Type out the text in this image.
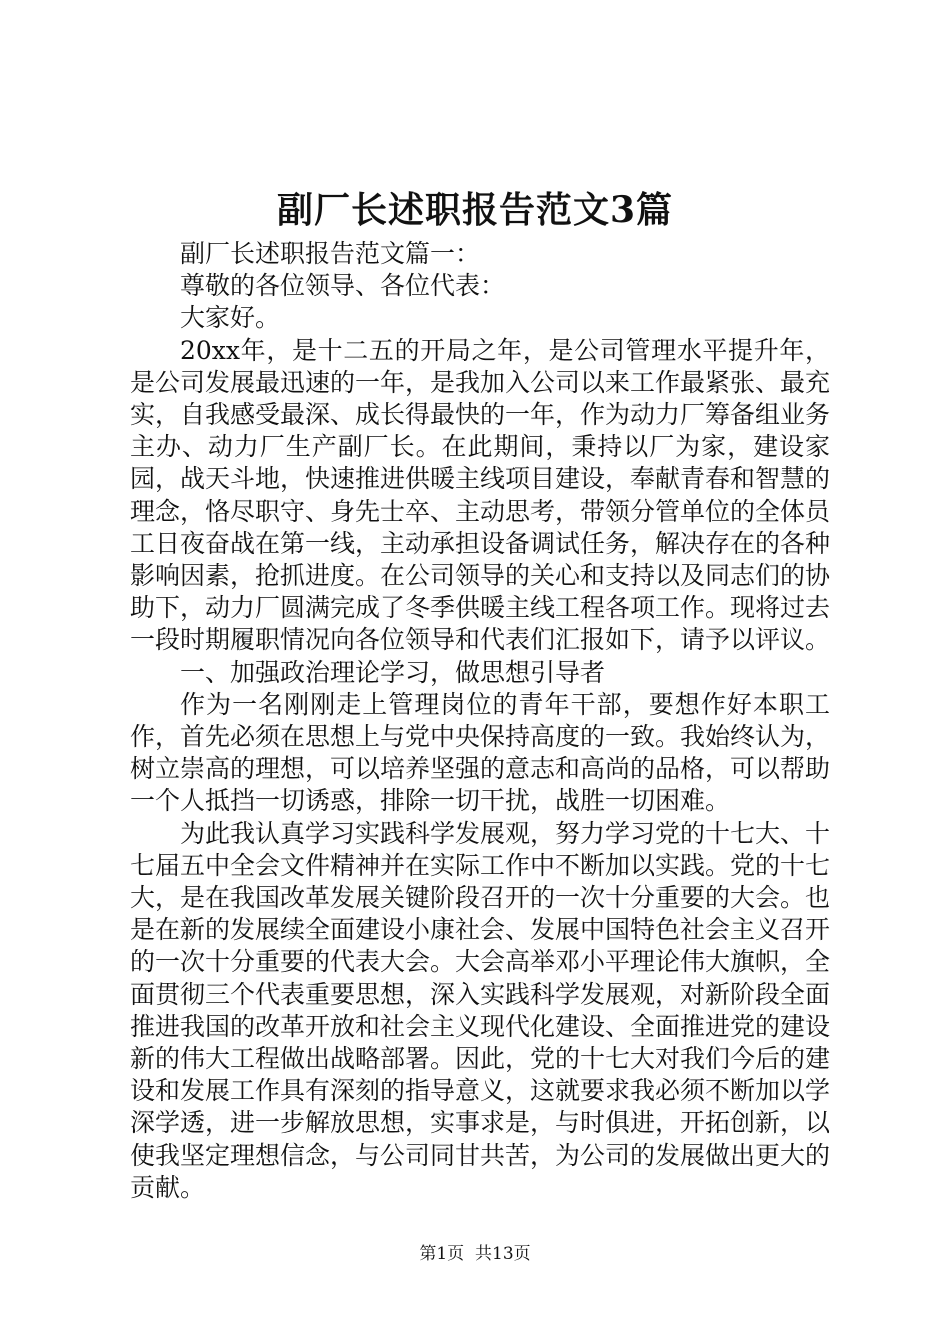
副厂长述职报告范文3篇

副厂长述职报告范文篇一：

尊敬的各位领导、各位代表：

大家好。

20xx年，是十二五的开局之年，是公司管理水平提升年，是公司发展最迅速的一年，是我加入公司以来工作最紧张、最充实，自我感受最深、成长得最快的一年，作为动力厂筹备组业务主办、动力厂生产副厂长。在此期间，秉持以厂为家，建设家园，战天斗地，快速推进供暖主线项目建设，奉献青春和智慧的理念，恪尽职守、身先士卒、主动思考，带领分管单位的全体员工日夜奋战在第一线，主动承担设备调试任务，解决存在的各种影响因素，抢抓进度。在公司领导的关心和支持以及同志们的协助下，动力厂圆满完成了冬季供暖主线工程各项工作。现将过去一段时期履职情况向各位领导和代表们汇报如下，请予以评议。

一、加强政治理论学习，做思想引导者

作为一名刚刚走上管理岗位的青年干部，要想作好本职工作，首先必须在思想上与党中央保持高度的一致。我始终认为，树立崇高的理想，可以培养坚强的意志和高尚的品格，可以帮助一个人抵挡一切诱惑，排除一切干扰，战胜一切困难。

为此我认真学习实践科学发展观，努力学习党的十七大、十七届五中全会文件精神并在实际工作中不断加以实践。党的十七大，是在我国改革发展关键阶段召开的一次十分重要的大会。也是在新的发展续全面建设小康社会、发展中国特色社会主义召开的一次十分重要的代表大会。大会高举邓小平理论伟大旗帜，全面贯彻三个代表重要思想，深入实践科学发展观，对新阶段全面推进我国的改革开放和社会主义现代化建设、全面推进党的建设新的伟大工程做出战略部署。因此，党的十七大对我们今后的建设和发展工作具有深刻的指导意义，这就要求我必须不断加以学深学透，进一步解放思想，实事求是，与时俱进，开拓创新，以使我坚定理想信念，与公司同甘共苦，为公司的发展做出更大的贡献。

第1页 共13页
